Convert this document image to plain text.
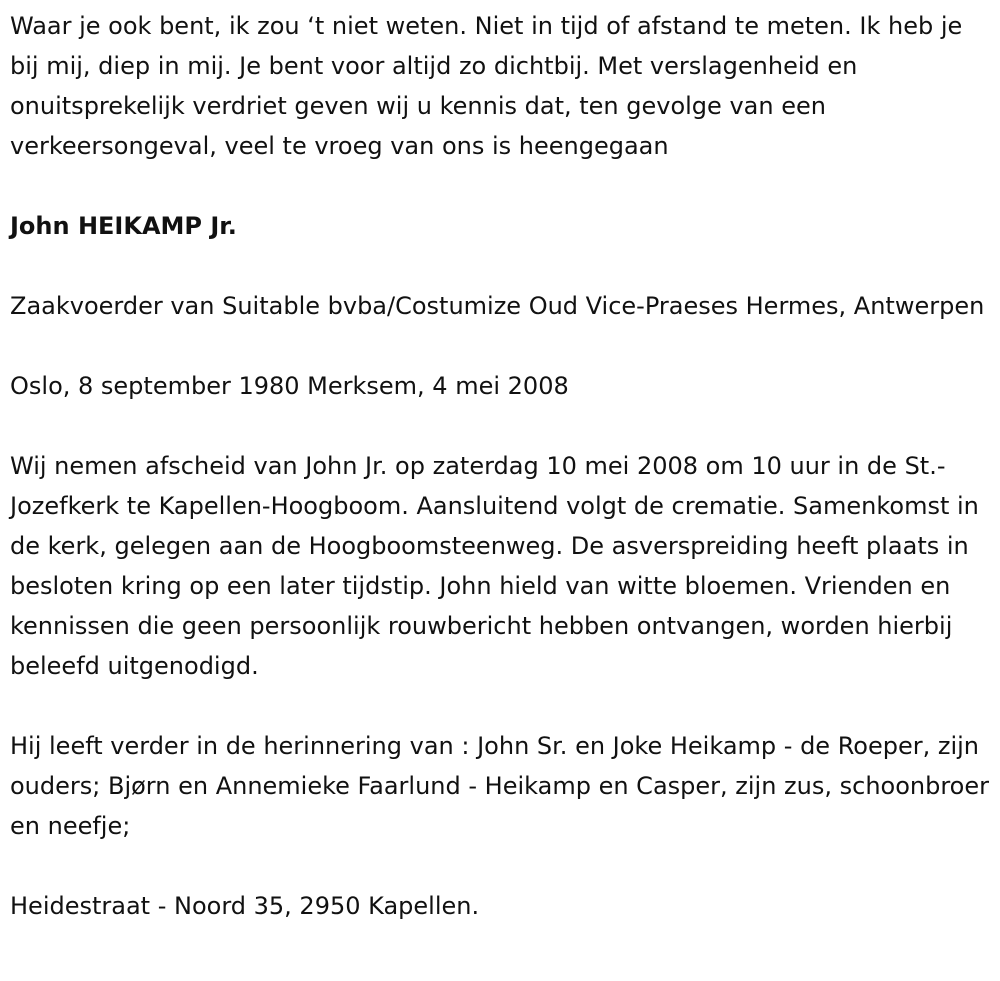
Waar je ook bent, ik zou ‘t niet weten. Niet in tijd of afstand te meten. Ik heb je bij mij, diep in mij. Je bent voor altijd zo dichtbij. Met verslagenheid en onuitsprekelijk verdriet geven wij u kennis dat, ten gevolge van een verkeersongeval, veel te vroeg van ons is heengegaan

John HEIKAMP Jr.

Zaakvoerder van Suitable bvba/Costumize Oud Vice-Praeses Hermes, Antwerpen

Oslo, 8 september 1980 Merksem, 4 mei 2008

Wij nemen afscheid van John Jr. op zaterdag 10 mei 2008 om 10 uur in de St.-Jozefkerk te Kapellen-Hoogboom. Aansluitend volgt de crematie. Samenkomst in de kerk, gelegen aan de Hoogboomsteenweg. De asverspreiding heeft plaats in besloten kring op een later tijdstip. John hield van witte bloemen. Vrienden en kennissen die geen persoonlijk rouwbericht hebben ontvangen, worden hierbij beleefd uitgenodigd.

Hij leeft verder in de herinnering van : John Sr. en Joke Heikamp - de Roeper, zijn ouders; Bjørn en Annemieke Faarlund - Heikamp en Casper, zijn zus, schoonbroer en neefje;

Heidestraat - Noord 35, 2950 Kapellen.
